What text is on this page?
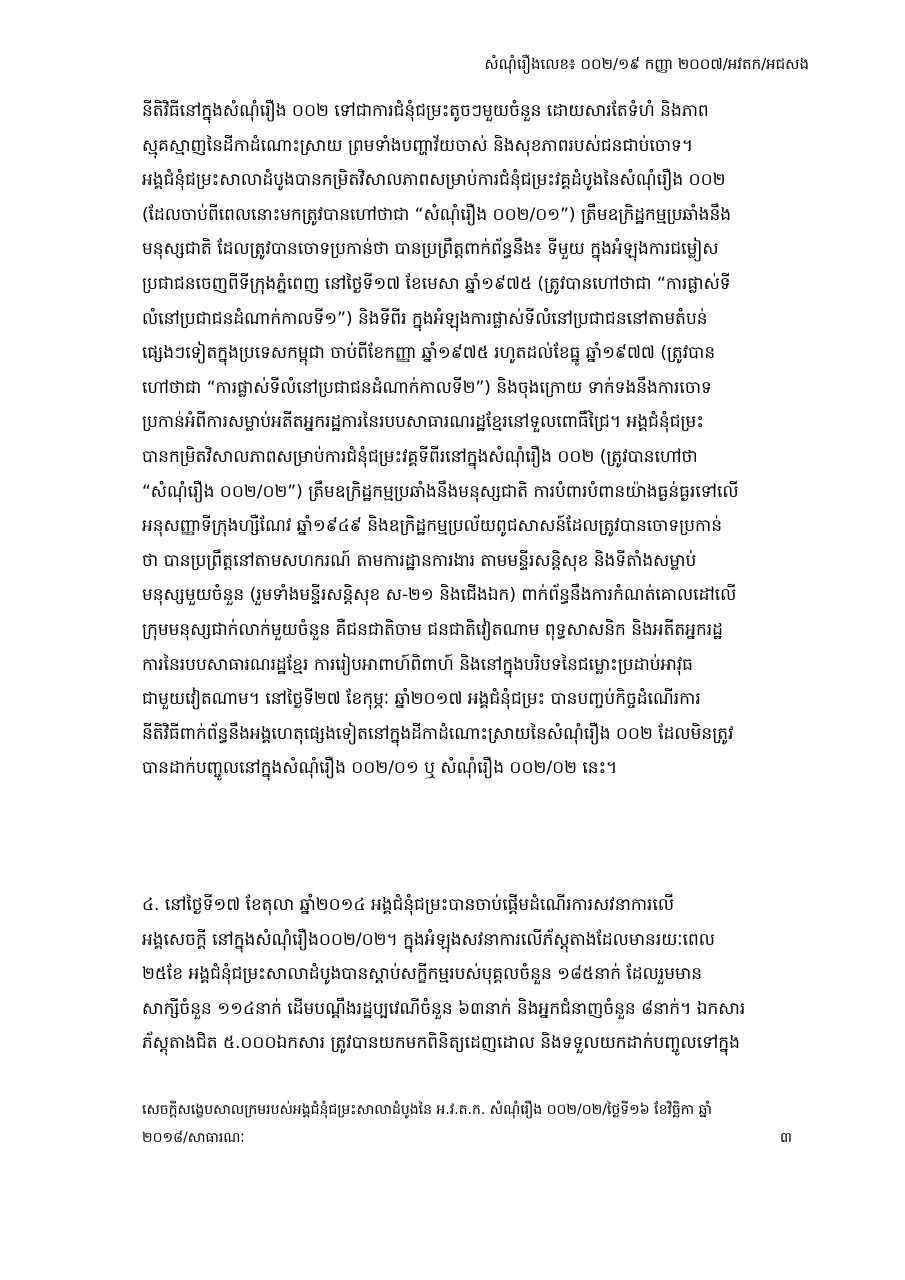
សំណុំរឿងលេខ៖ ០០២/១៩ កញ្ញា ២០០៧/អវតក/អជសង
នីតិវិធីនៅក្នុងសំណុំរឿង ០០២ ទៅជាការជំនុំជម្រះតូចៗមួយចំនួន ដោយសារតែទំហំ និងភាព
ស្មុគស្មាញនៃដីកាដំណោះស្រាយ ព្រមទាំងបញ្ហាវ័យចាស់ និងសុខភាពរបស់ជនជាប់ចោទ។
អង្គជំនុំជម្រះសាលាដំបូងបានកម្រិតវិសាលភាពសម្រាប់ការជំនុំជម្រះវគ្គដំបូងនៃសំណុំរឿង ០០២
(ដែលចាប់ពីពេលនោះមកត្រូវបានហៅថាជា “សំណុំរឿង ០០២/០១”) ត្រឹមឧក្រិដ្ឋកម្មប្រឆាំងនឹង
មនុស្សជាតិ ដែលត្រូវបានចោទប្រកាន់ថា បានប្រព្រឹត្តពាក់ព័ន្ធនឹង៖ ទីមួយ ក្នុងអំឡុងការជម្លៀស
ប្រជាជនចេញពីទីក្រុងភ្នំពេញ នៅថ្ងៃទី១៧ ខែមេសា ឆ្នាំ១៩៧៥ (ត្រូវបានហៅថាជា “ការផ្លាស់ទី
លំនៅប្រជាជនដំណាក់កាលទី១”) និងទីពីរ ក្នុងអំឡុងការផ្លាស់ទីលំនៅប្រជាជននៅតាមតំបន់
ផ្សេងៗទៀតក្នុងប្រទេសកម្ពុជា ចាប់ពីខែកញ្ញា ឆ្នាំ១៩៧៥ រហូតដល់ខែធ្នូ ឆ្នាំ១៩៧៧ (ត្រូវបាន
ហៅថាជា “ការផ្លាស់ទីលំនៅប្រជាជនដំណាក់កាលទី២”) និងចុងក្រោយ ទាក់ទងនឹងការចោទ
ប្រកាន់អំពីការសម្លាប់អតីតអ្នករដ្ឋការនៃរបបសាធារណរដ្ឋខ្មែរនៅទួលពោធិ៍ជ្រៃ។ អង្គជំនុំជម្រះ
បានកម្រិតវិសាលភាពសម្រាប់ការជំនុំជម្រះវគ្គទីពីរនៅក្នុងសំណុំរឿង ០០២ (ត្រូវបានហៅថា
“សំណុំរឿង ០០២/០២”) ត្រឹមឧក្រិដ្ឋកម្មប្រឆាំងនឹងមនុស្សជាតិ ការបំពារបំពានយ៉ាងធ្ងន់ធ្ងរទៅលើ
អនុសញ្ញាទីក្រុងហ្សឺណែវ ឆ្នាំ១៩៤៩ និងឧក្រិដ្ឋកម្មប្រល័យពូជសាសន៍ដែលត្រូវបានចោទប្រកាន់
ថា បានប្រព្រឹត្តនៅតាមសហករណ៍ តាមការដ្ឋានការងារ តាមមន្ទីរសន្តិសុខ និងទីតាំងសម្លាប់
មនុស្សមួយចំនួន (រួមទាំងមន្ទីរសន្តិសុខ ស-២១ និងជើងឯក) ពាក់ព័ន្ធនឹងការកំណត់គោលដៅលើ
ក្រុមមនុស្សជាក់លាក់មួយចំនួន គឺជនជាតិចាម ជនជាតិវៀតណាម ពុទ្ធសាសនិក និងអតីតអ្នករដ្ឋ
ការនៃរបបសាធារណរដ្ឋខ្មែរ ការរៀបអាពាហ៍ពិពាហ៍ និងនៅក្នុងបរិបទនៃជម្លោះប្រដាប់អាវុធ
ជាមួយវៀតណាម។ នៅថ្ងៃទី២៧ ខែកុម្ភៈ ឆ្នាំ២០១៧ អង្គជំនុំជម្រះ បានបញ្ចប់កិច្ចដំណើរការ
នីតិវិធីពាក់ព័ន្ធនឹងអង្គហេតុផ្សេងទៀតនៅក្នុងដីកាដំណោះស្រាយនៃសំណុំរឿង ០០២ ដែលមិនត្រូវ
បានដាក់បញ្ចូលនៅក្នុងសំណុំរឿង ០០២/០១ ឬ សំណុំរឿង ០០២/០២ នេះ។
៤. នៅថ្ងៃទី១៧ ខែតុលា ឆ្នាំ២០១៤ អង្គជំនុំជម្រះបានចាប់ផ្តើមដំណើរការសវនាការលើ
អង្គសេចក្តី នៅក្នុងសំណុំរឿង០០២/០២។ ក្នុងអំឡុងសវនាការលើភ័ស្តុតាងដែលមានរយៈពេល
២៥ខែ អង្គជំនុំជម្រះសាលាដំបូងបានស្តាប់សក្ខីកម្មរបស់បុគ្គលចំនួន ១៨៥នាក់ ដែលរួមមាន
សាក្សីចំនួន ១១៤នាក់ ដើមបណ្តឹងរដ្ឋប្បវេណីចំនួន ៦៣នាក់ និងអ្នកជំនាញចំនួន ៨នាក់។ ឯកសារ
ភ័ស្តុតាងជិត ៥.០០០ឯកសារ ត្រូវបានយកមកពិនិត្យដេញដោល និងទទួលយកដាក់បញ្ចូលទៅក្នុង
សេចក្តីសង្ខេបសាលក្រមរបស់អង្គជំនុំជម្រះសាលាដំបូងនៃ អ.វ.ត.ក. សំណុំរឿង ០០២/០២/ថ្ងៃទី១៦ ខែវិច្ឆិកា ឆ្នាំ
២០១៨/សាធារណៈ	៣
